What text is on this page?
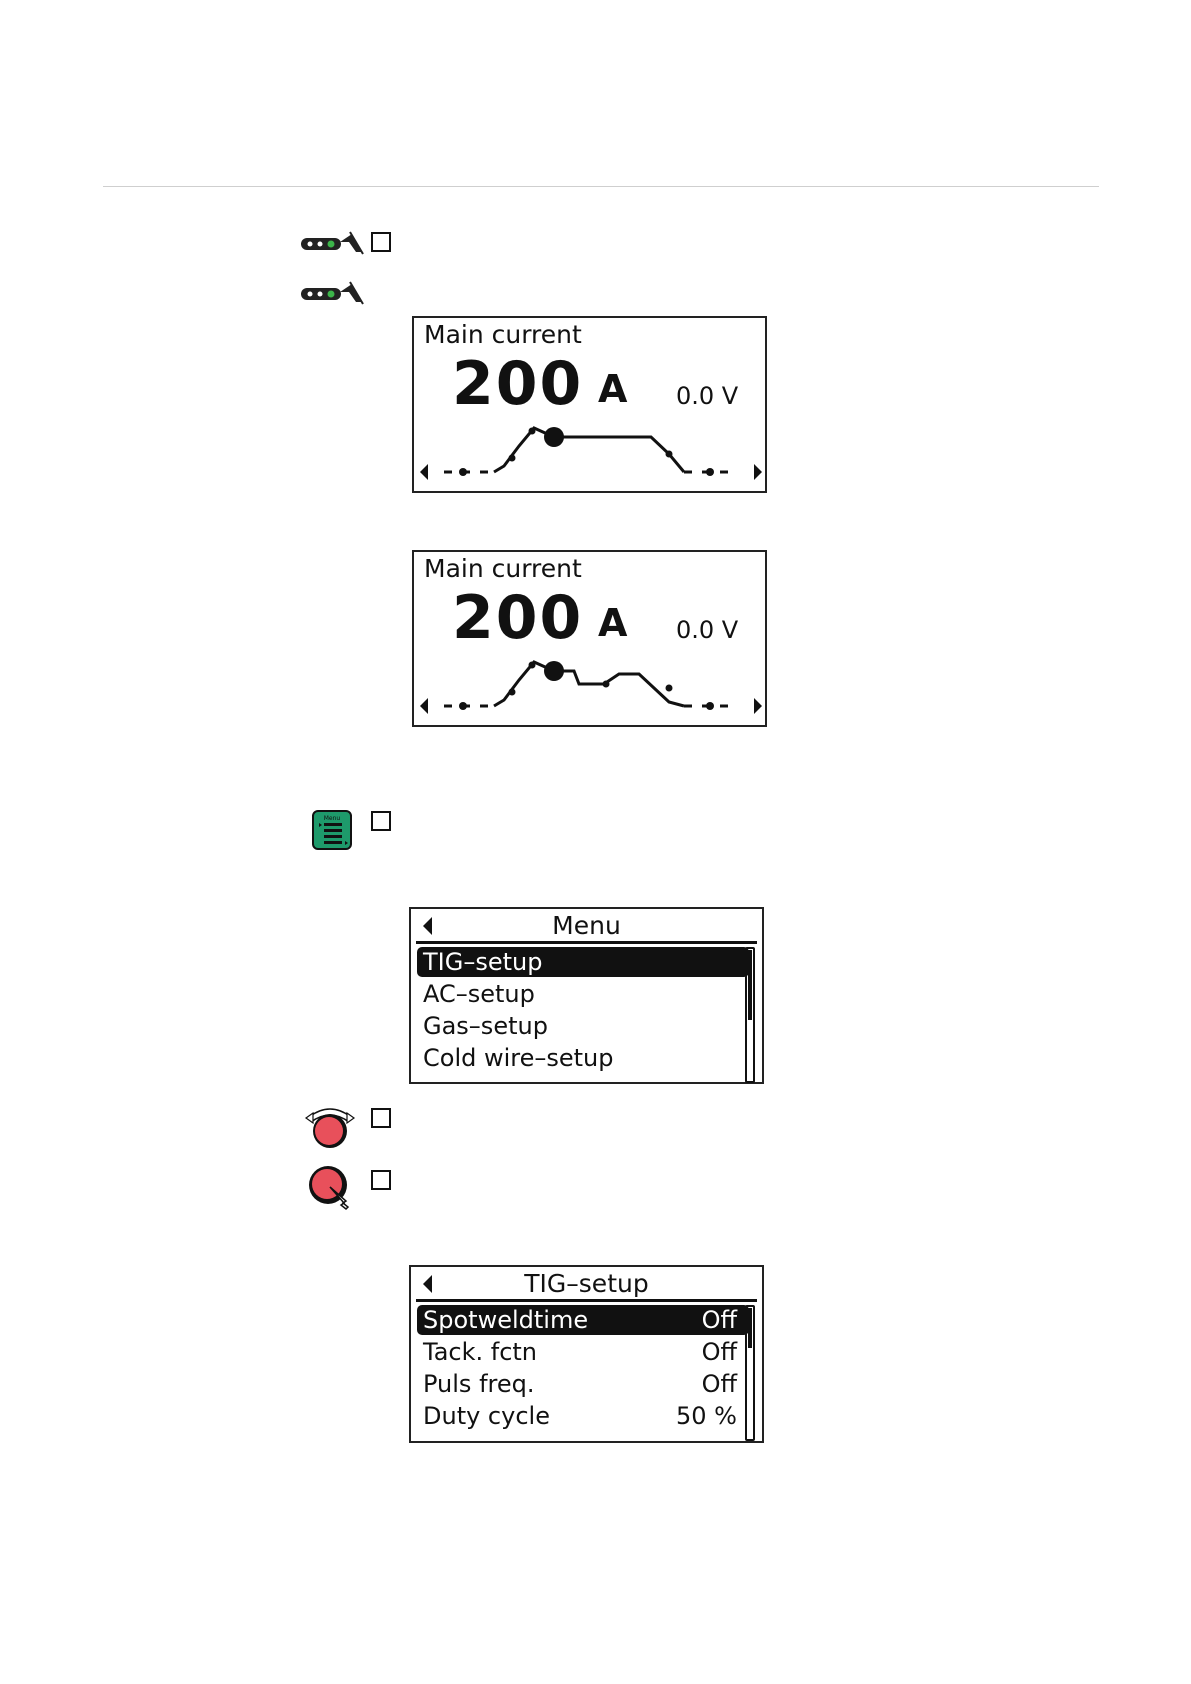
Main current
200 A 0.0 V
Main current
200 A 0.0 V
Menu
Menu
TIG–setup
AC–setup
Gas–setup
Cold wire–setup
TIG–setup
Spotweldtime	Off
Tack. fctn	Off
Puls freq.	Off
Duty cycle	50 %
